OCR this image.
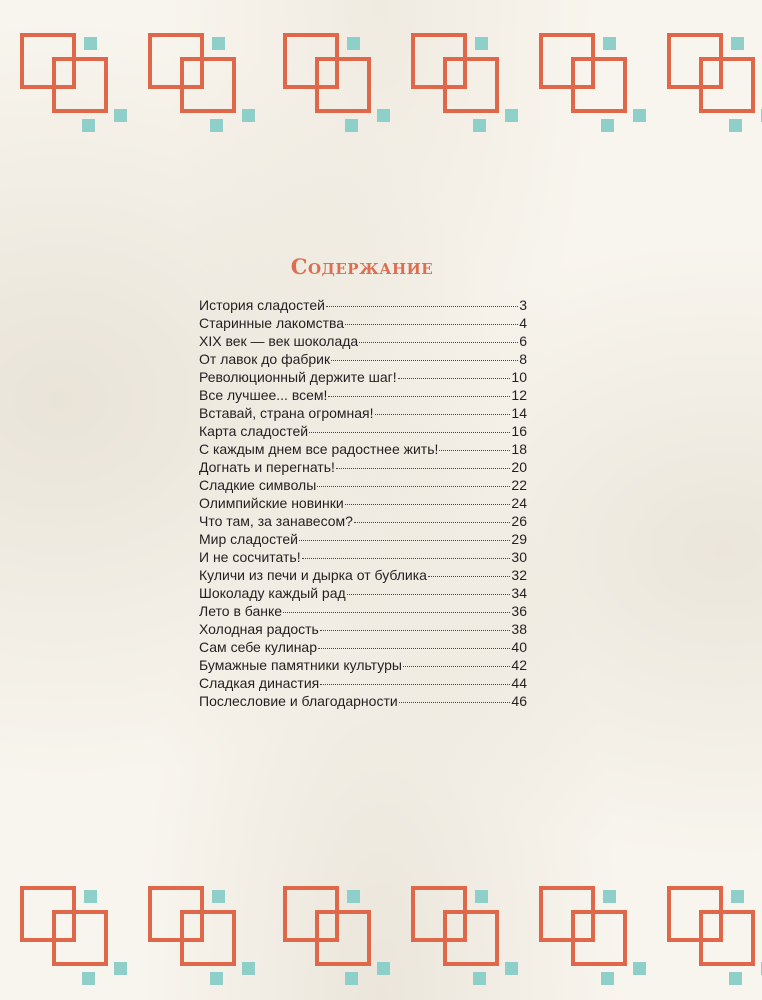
Содержание
История сладостей	3
Старинные лакомства	4
XIX век — век шоколада	6
От лавок до фабрик	8
Революционный держите шаг!	10
Все лучшее... всем!	12
Вставай, страна огромная!	14
Карта сладостей	16
С каждым днем все радостнее жить!	18
Догнать и перегнать!	20
Сладкие символы	22
Олимпийские новинки	24
Что там, за занавесом?	26
Мир сладостей	29
И не сосчитать!	30
Куличи из печи и дырка от бублика	32
Шоколаду каждый рад	34
Лето в банке	36
Холодная радость	38
Сам себе кулинар	40
Бумажные памятники культуры	42
Сладкая династия	44
Послесловие и благодарности	46
